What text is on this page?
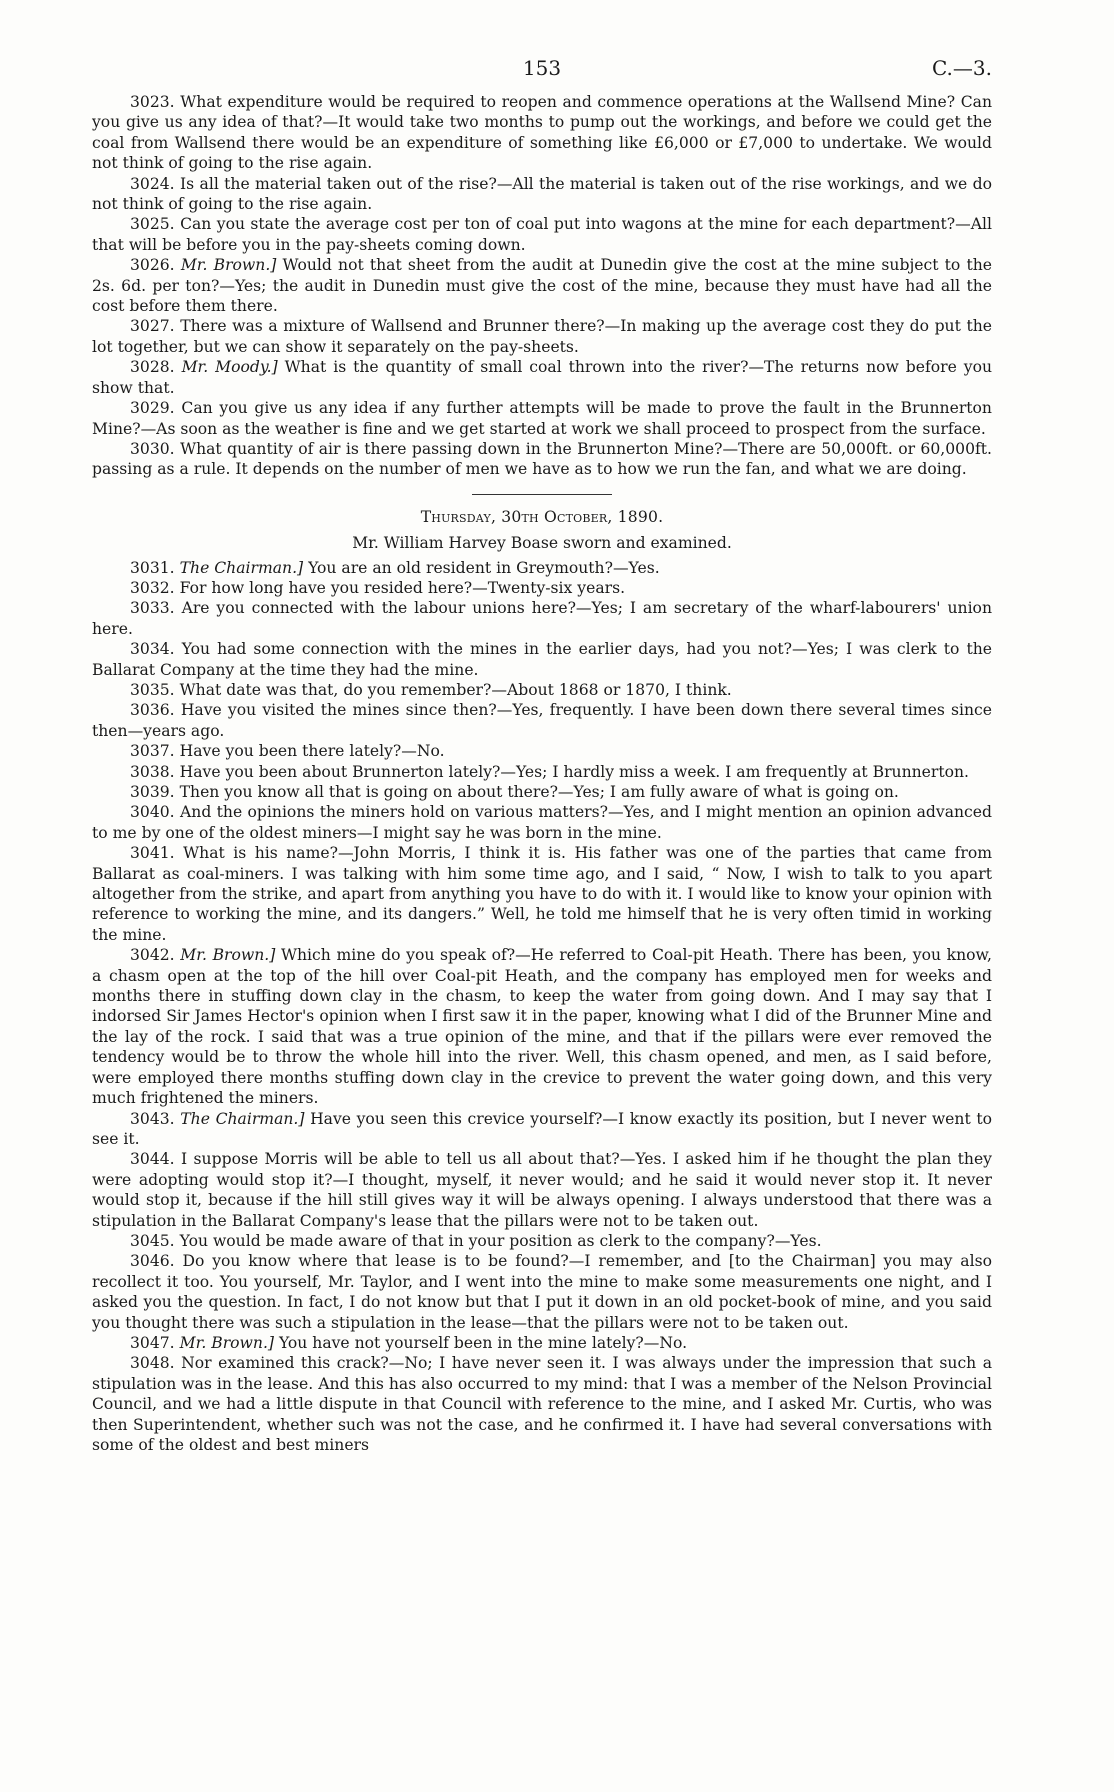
153	C.—3.

3023. What expenditure would be required to reopen and commence operations at the Wallsend Mine? Can you give us any idea of that?—It would take two months to pump out the workings, and before we could get the coal from Wallsend there would be an expenditure of something like £6,000 or £7,000 to undertake. We would not think of going to the rise again.

3024. Is all the material taken out of the rise?—All the material is taken out of the rise workings, and we do not think of going to the rise again.

3025. Can you state the average cost per ton of coal put into wagons at the mine for each department?—All that will be before you in the pay-sheets coming down.

3026. Mr. Brown.] Would not that sheet from the audit at Dunedin give the cost at the mine subject to the 2s. 6d. per ton?—Yes; the audit in Dunedin must give the cost of the mine, because they must have had all the cost before them there.

3027. There was a mixture of Wallsend and Brunner there?—In making up the average cost they do put the lot together, but we can show it separately on the pay-sheets.

3028. Mr. Moody.] What is the quantity of small coal thrown into the river?—The returns now before you show that.

3029. Can you give us any idea if any further attempts will be made to prove the fault in the Brunnerton Mine?—As soon as the weather is fine and we get started at work we shall proceed to prospect from the surface.

3030. What quantity of air is there passing down in the Brunnerton Mine?—There are 50,000ft. or 60,000ft. passing as a rule. It depends on the number of men we have as to how we run the fan, and what we are doing.

Thursday, 30th October, 1890.

Mr. William Harvey Boase sworn and examined.

3031. The Chairman.] You are an old resident in Greymouth?—Yes.

3032. For how long have you resided here?—Twenty-six years.

3033. Are you connected with the labour unions here?—Yes; I am secretary of the wharf-labourers' union here.

3034. You had some connection with the mines in the earlier days, had you not?—Yes; I was clerk to the Ballarat Company at the time they had the mine.

3035. What date was that, do you remember?—About 1868 or 1870, I think.

3036. Have you visited the mines since then?—Yes, frequently. I have been down there several times since then—years ago.

3037. Have you been there lately?—No.

3038. Have you been about Brunnerton lately?—Yes; I hardly miss a week. I am frequently at Brunnerton.

3039. Then you know all that is going on about there?—Yes; I am fully aware of what is going on.

3040. And the opinions the miners hold on various matters?—Yes, and I might mention an opinion advanced to me by one of the oldest miners—I might say he was born in the mine.

3041. What is his name?—John Morris, I think it is. His father was one of the parties that came from Ballarat as coal-miners. I was talking with him some time ago, and I said, “ Now, I wish to talk to you apart altogether from the strike, and apart from anything you have to do with it. I would like to know your opinion with reference to working the mine, and its dangers.” Well, he told me himself that he is very often timid in working the mine.

3042. Mr. Brown.] Which mine do you speak of?—He referred to Coal-pit Heath. There has been, you know, a chasm open at the top of the hill over Coal-pit Heath, and the company has employed men for weeks and months there in stuffing down clay in the chasm, to keep the water from going down. And I may say that I indorsed Sir James Hector's opinion when I first saw it in the paper, knowing what I did of the Brunner Mine and the lay of the rock. I said that was a true opinion of the mine, and that if the pillars were ever removed the tendency would be to throw the whole hill into the river. Well, this chasm opened, and men, as I said before, were employed there months stuffing down clay in the crevice to prevent the water going down, and this very much frightened the miners.

3043. The Chairman.] Have you seen this crevice yourself?—I know exactly its position, but I never went to see it.

3044. I suppose Morris will be able to tell us all about that?—Yes. I asked him if he thought the plan they were adopting would stop it?—I thought, myself, it never would; and he said it would never stop it. It never would stop it, because if the hill still gives way it will be always opening. I always understood that there was a stipulation in the Ballarat Company's lease that the pillars were not to be taken out.

3045. You would be made aware of that in your position as clerk to the company?—Yes.

3046. Do you know where that lease is to be found?—I remember, and [to the Chairman] you may also recollect it too. You yourself, Mr. Taylor, and I went into the mine to make some measurements one night, and I asked you the question. In fact, I do not know but that I put it down in an old pocket-book of mine, and you said you thought there was such a stipulation in the lease—that the pillars were not to be taken out.

3047. Mr. Brown.] You have not yourself been in the mine lately?—No.

3048. Nor examined this crack?—No; I have never seen it. I was always under the impression that such a stipulation was in the lease. And this has also occurred to my mind: that I was a member of the Nelson Provincial Council, and we had a little dispute in that Council with reference to the mine, and I asked Mr. Curtis, who was then Superintendent, whether such was not the case, and he confirmed it. I have had several conversations with some of the oldest and best miners
